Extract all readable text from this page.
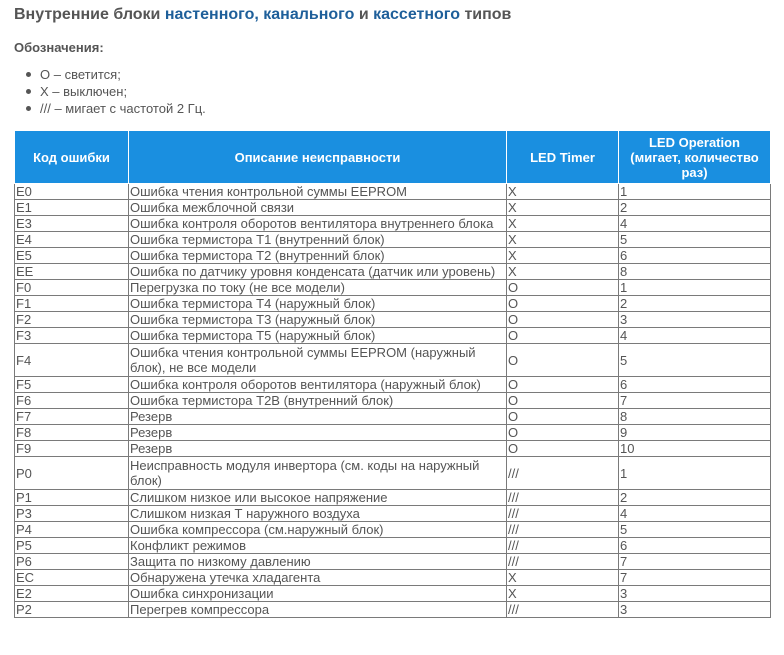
Внутренние блоки настенного, канального и кассетного типов
Обозначения:
О – светится;
Х – выключен;
/// – мигает с частотой 2 Гц.
Код ошибки	Описание неисправности	LED Timer	LED Operation (мигает, количество раз)
E0	Ошибка чтения контрольной суммы EEPROM	X	1
E1	Ошибка межблочной связи	X	2
E3	Ошибка контроля оборотов вентилятора внутреннего блока	X	4
E4	Ошибка термистора Т1 (внутренний блок)	X	5
E5	Ошибка термистора Т2 (внутренний блок)	X	6
EE	Ошибка по датчику уровня конденсата (датчик или уровень)	X	8
F0	Перегрузка по току (не все модели)	O	1
F1	Ошибка термистора Т4 (наружный блок)	O	2
F2	Ошибка термистора Т3 (наружный блок)	O	3
F3	Ошибка термистора Т5 (наружный блок)	O	4
F4	Ошибка чтения контрольной суммы EEPROM (наружный блок), не все модели	O	5
F5	Ошибка контроля оборотов вентилятора (наружный блок)	O	6
F6	Ошибка термистора Т2В (внутренний блок)	O	7
F7	Резерв	O	8
F8	Резерв	O	9
F9	Резерв	O	10
P0	Неисправность модуля инвертора (см. коды на наружный блок)	///	1
P1	Слишком низкое или высокое напряжение	///	2
P3	Слишком низкая Т наружного воздуха	///	4
P4	Ошибка компрессора (см.наружный блок)	///	5
P5	Конфликт режимов	///	6
P6	Защита по низкому давлению	///	7
EC	Обнаружена утечка хладагента	X	7
E2	Ошибка синхронизации	X	3
P2	Перегрев компрессора	///	3
